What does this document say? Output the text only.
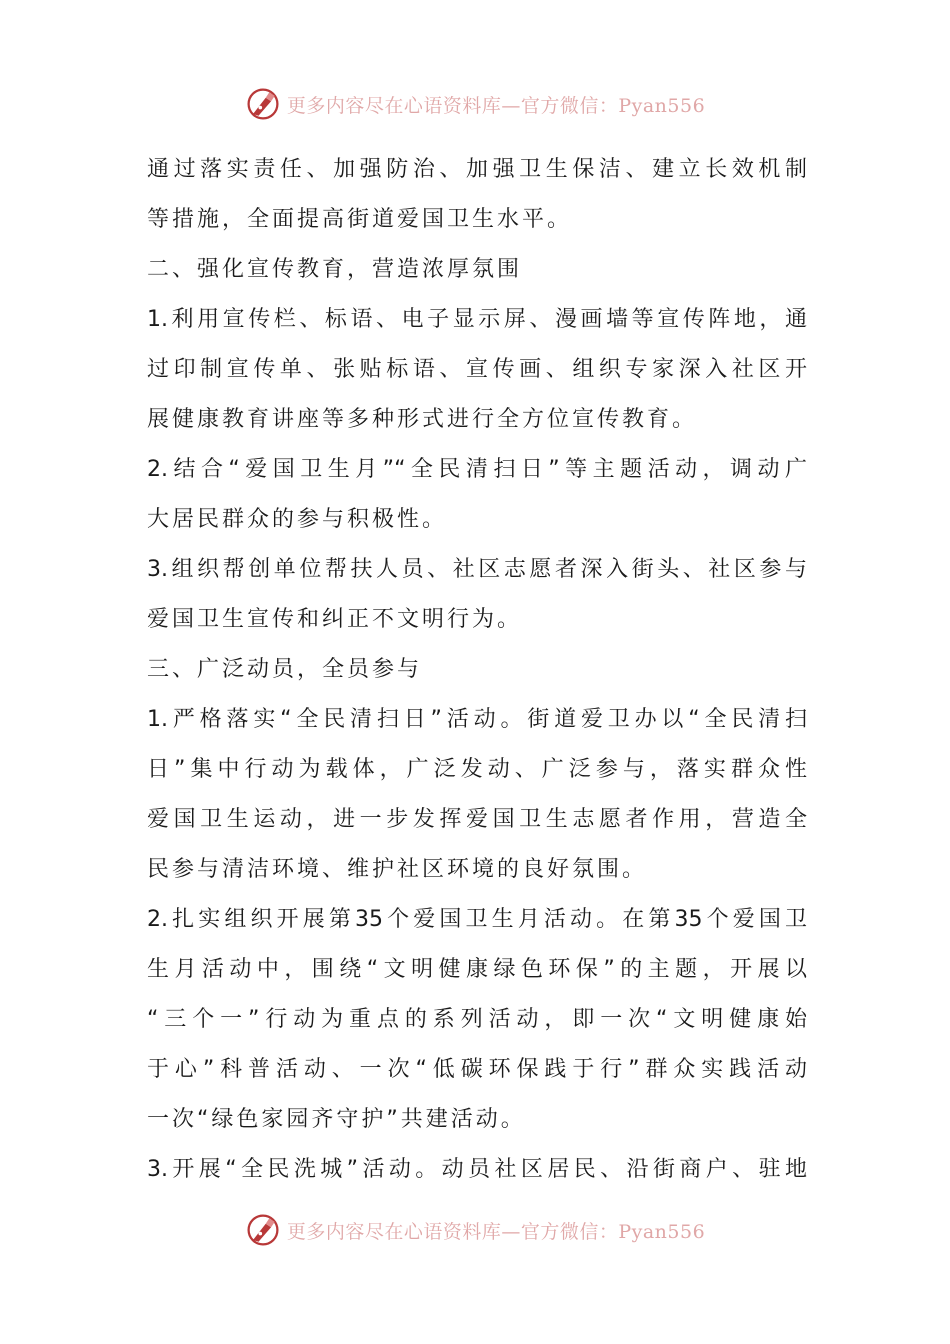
更多内容尽在心语资料库—官方微信：Pyan556
通过落实责任、加强防治、加强卫生保洁、建立长效机制
等措施，全面提高街道爱国卫生水平。
二、强化宣传教育，营造浓厚氛围
1.利用宣传栏、标语、电子显示屏、漫画墙等宣传阵地，通
过印制宣传单、张贴标语、宣传画、组织专家深入社区开
展健康教育讲座等多种形式进行全方位宣传教育。
2.结合“爱国卫生月”“全民清扫日”等主题活动，调动广
大居民群众的参与积极性。
3.组织帮创单位帮扶人员、社区志愿者深入街头、社区参与
爱国卫生宣传和纠正不文明行为。
三、广泛动员，全员参与
1.严格落实“全民清扫日”活动。街道爱卫办以“全民清扫
日”集中行动为载体，广泛发动、广泛参与，落实群众性
爱国卫生运动，进一步发挥爱国卫生志愿者作用，营造全
民参与清洁环境、维护社区环境的良好氛围。
2.扎实组织开展第35个爱国卫生月活动。在第35个爱国卫
生月活动中，围绕“文明健康绿色环保”的主题，开展以
“三个一”行动为重点的系列活动，即一次“文明健康始
于心”科普活动、一次“低碳环保践于行”群众实践活动
一次“绿色家园齐守护”共建活动。
3.开展“全民洗城”活动。动员社区居民、沿街商户、驻地
更多内容尽在心语资料库—官方微信：Pyan556
